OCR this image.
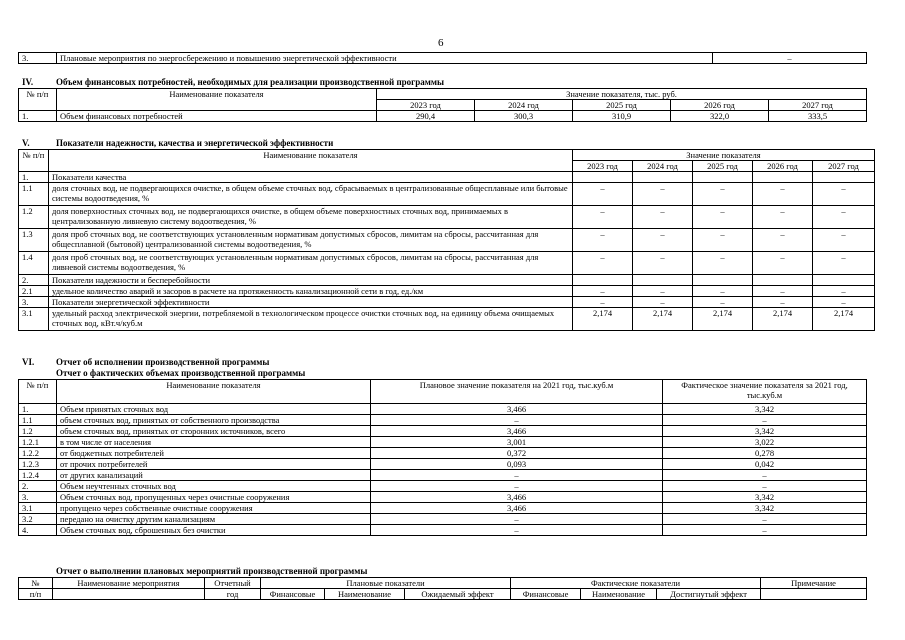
6
3.	Плановые мероприятия по энергосбережению и повышению энергетической эффективности	–
IV.	Объем финансовых потребностей, необходимых для реализации производственной программы
№ п/п	Наименование показателя	Значение показателя, тыс. руб.				
		2023 год	2024 год	2025 год	2026 год	2027 год
1.	Объем финансовых потребностей	290,4	300,3	310,9	322,0	333,5
V.	Показатели надежности, качества и энергетической эффективности
№ п/п	Наименование показателя	Значение показателя				
		2023 год	2024 год	2025 год	2026 год	2027 год
1.	Показатели качества					
1.1	доля сточных вод, не подвергающихся очистке, в общем объеме сточных вод, сбрасываемых в централизованные общесплавные или бытовые системы водоотведения, %	–	–	–	–	–
1.2	доля поверхностных сточных вод, не подвергающихся очистке, в общем объеме поверхностных сточных вод, принимаемых в централизованную ливневую систему водоотведения, %	–	–	–	–	–
1.3	доля проб сточных вод, не соответствующих установленным нормативам допустимых сбросов, лимитам на сбросы, рассчитанная для общесплавной (бытовой) централизованной системы водоотведения, %	–	–	–	–	–
1.4	доля проб сточных вод, не соответствующих установленным нормативам допустимых сбросов, лимитам на сбросы, рассчитанная для ливневой системы водоотведения, %	–	–	–	–	–
2.	Показатели надежности и бесперебойности					
2.1	удельное количество аварий и засоров в расчете на протяженность канализационной сети в год, ед./км	–	–	–	–	–
3.	Показатели энергетической эффективности	–	–	–	–	–
3.1	удельный расход электрической энергии, потребляемой в технологическом процессе очистки сточных вод, на единицу объема очищаемых сточных вод, кВт.ч/куб.м	2,174	2,174	2,174	2,174	2,174
VI. Отчет об исполнении производственной программы
Отчет о фактических объемах производственной программы
№ п/п	Наименование показателя	Плановое значение показателя на 2021 год, тыс.куб.м	Фактическое значение показателя за 2021 год, тыс.куб.м
1.	Объем принятых сточных вод	3,466	3,342
1.1	объем сточных вод, принятых от собственного производства	–	–
1.2	объем сточных вод, принятых от сторонних источников, всего	3,466	3,342
1.2.1	в том числе от населения	3,001	3,022
1.2.2	от бюджетных потребителей	0,372	0,278
1.2.3	от прочих потребителей	0,093	0,042
1.2.4	от других канализаций	–	–
2.	Объем неучтенных сточных вод	–	–
3.	Объем сточных вод, пропущенных через очистные сооружения	3,466	3,342
3.1	пропущено через собственные очистные сооружения	3,466	3,342
3.2	передано на очистку другим канализациям	–	–
4.	Объем сточных вод, сброшенных без очистки	–	–
Отчет о выполнении плановых мероприятий производственной программы
№	Наименование мероприятия	Отчетный	Плановые показатели			Фактические показатели			Примечание
п/п		год	Финансовые	Наименование	Ожидаемый эффект	Финансовые	Наименование	Достигнутый эффект	
